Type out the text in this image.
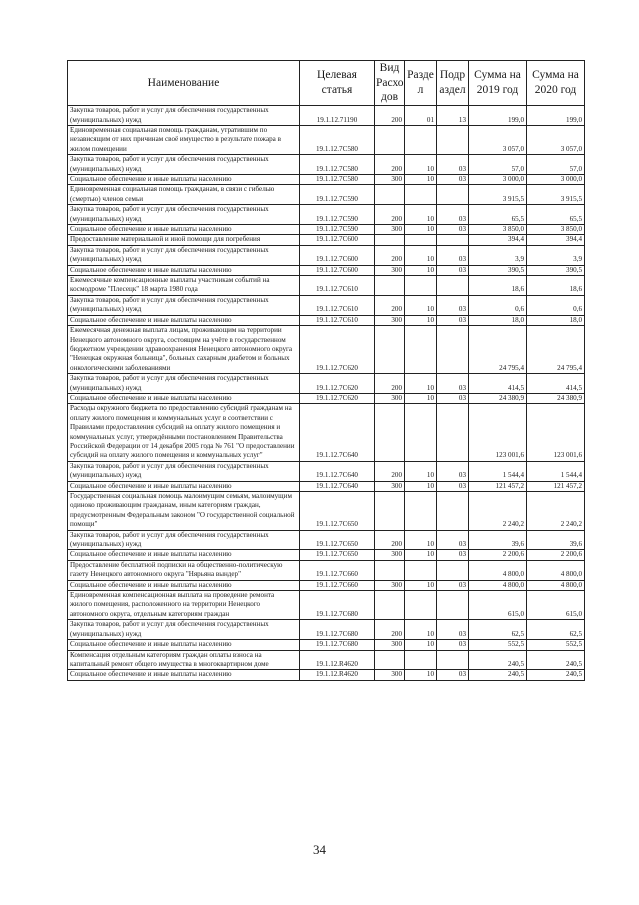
Наименование	Целевая статья	Вид Расхо дов	Разде л	Подр аздел	Сумма на 2019 год	Сумма на 2020 год
Закупка товаров, работ и услуг для обеспечения государственных (муниципальных) нужд	19.1.12.71190	200	01	13	199,0	199,0
Единовременная социальная помощь гражданам, утратившим по независящим от них причинам своё имущество в результате пожара в жилом помещении	19.1.12.7С580				3 057,0	3 057,0
Закупка товаров, работ и услуг для обеспечения государственных (муниципальных) нужд	19.1.12.7С580	200	10	03	57,0	57,0
Социальное обеспечение и иные выплаты населению	19.1.12.7С580	300	10	03	3 000,0	3 000,0
Единовременная социальная помощь гражданам, в связи с гибелью (смертью) членов семьи	19.1.12.7С590				3 915,5	3 915,5
Закупка товаров, работ и услуг для обеспечения государственных (муниципальных) нужд	19.1.12.7С590	200	10	03	65,5	65,5
Социальное обеспечение и иные выплаты населению	19.1.12.7С590	300	10	03	3 850,0	3 850,0
Предоставление материальной и иной помощи для погребения	19.1.12.7С600				394,4	394,4
Закупка товаров, работ и услуг для обеспечения государственных (муниципальных) нужд	19.1.12.7С600	200	10	03	3,9	3,9
Социальное обеспечение и иные выплаты населению	19.1.12.7С600	300	10	03	390,5	390,5
Ежемесячные компенсационные выплаты участникам событий на космодроме "Плесецк" 18 марта 1980 года	19.1.12.7С610				18,6	18,6
Закупка товаров, работ и услуг для обеспечения государственных (муниципальных) нужд	19.1.12.7С610	200	10	03	0,6	0,6
Социальное обеспечение и иные выплаты населению	19.1.12.7С610	300	10	03	18,0	18,0
Ежемесячная денежная выплата лицам, проживающим на территории Ненецкого автономного округа, состоящим на учёте в государственном бюджетном учреждении здравоохранения Ненецкого автономного округа "Ненецкая окружная больница", больных сахарным диабетом и больных онкологическими заболеваниями	19.1.12.7С620				24 795,4	24 795,4
Закупка товаров, работ и услуг для обеспечения государственных (муниципальных) нужд	19.1.12.7С620	200	10	03	414,5	414,5
Социальное обеспечение и иные выплаты населению	19.1.12.7С620	300	10	03	24 380,9	24 380,9
Расходы окружного бюджета по предоставлению субсидий гражданам на оплату жилого помещения и коммунальных услуг в соответствии с Правилами предоставления субсидий на оплату жилого помещения и коммунальных услуг, утверждёнными постановлением Правительства Российской Федерации от 14 декабря 2005 года № 761 "О предоставлении субсидий на оплату жилого помещения и коммунальных услуг"	19.1.12.7С640				123 001,6	123 001,6
Закупка товаров, работ и услуг для обеспечения государственных (муниципальных) нужд	19.1.12.7С640	200	10	03	1 544,4	1 544,4
Социальное обеспечение и иные выплаты населению	19.1.12.7С640	300	10	03	121 457,2	121 457,2
Государственная социальная помощь малоимущим семьям, малоимущим одиноко проживающим гражданам, иным категориям граждан, предусмотренным Федеральным законом "О государственной социальной помощи"	19.1.12.7С650				2 240,2	2 240,2
Закупка товаров, работ и услуг для обеспечения государственных (муниципальных) нужд	19.1.12.7С650	200	10	03	39,6	39,6
Социальное обеспечение и иные выплаты населению	19.1.12.7С650	300	10	03	2 200,6	2 200,6
Предоставление бесплатной подписки на общественно-политическую газету Ненецкого автономного округа "Нярьяна вындер"	19.1.12.7С660				4 800,0	4 800,0
Социальное обеспечение и иные выплаты населению	19.1.12.7С660	300	10	03	4 800,0	4 800,0
Единовременная компенсационная выплата на проведение ремонта жилого помещения, расположенного на территории Ненецкого автономного округа, отдельным категориям граждан	19.1.12.7С680				615,0	615,0
Закупка товаров, работ и услуг для обеспечения государственных (муниципальных) нужд	19.1.12.7С680	200	10	03	62,5	62,5
Социальное обеспечение и иные выплаты населению	19.1.12.7С680	300	10	03	552,5	552,5
Компенсация отдельным категориям граждан оплаты взноса на капитальный ремонт общего имущества в многоквартирном доме	19.1.12.R4620				240,5	240,5
Социальное обеспечение и иные выплаты населению	19.1.12.R4620	300	10	03	240,5	240,5
34
